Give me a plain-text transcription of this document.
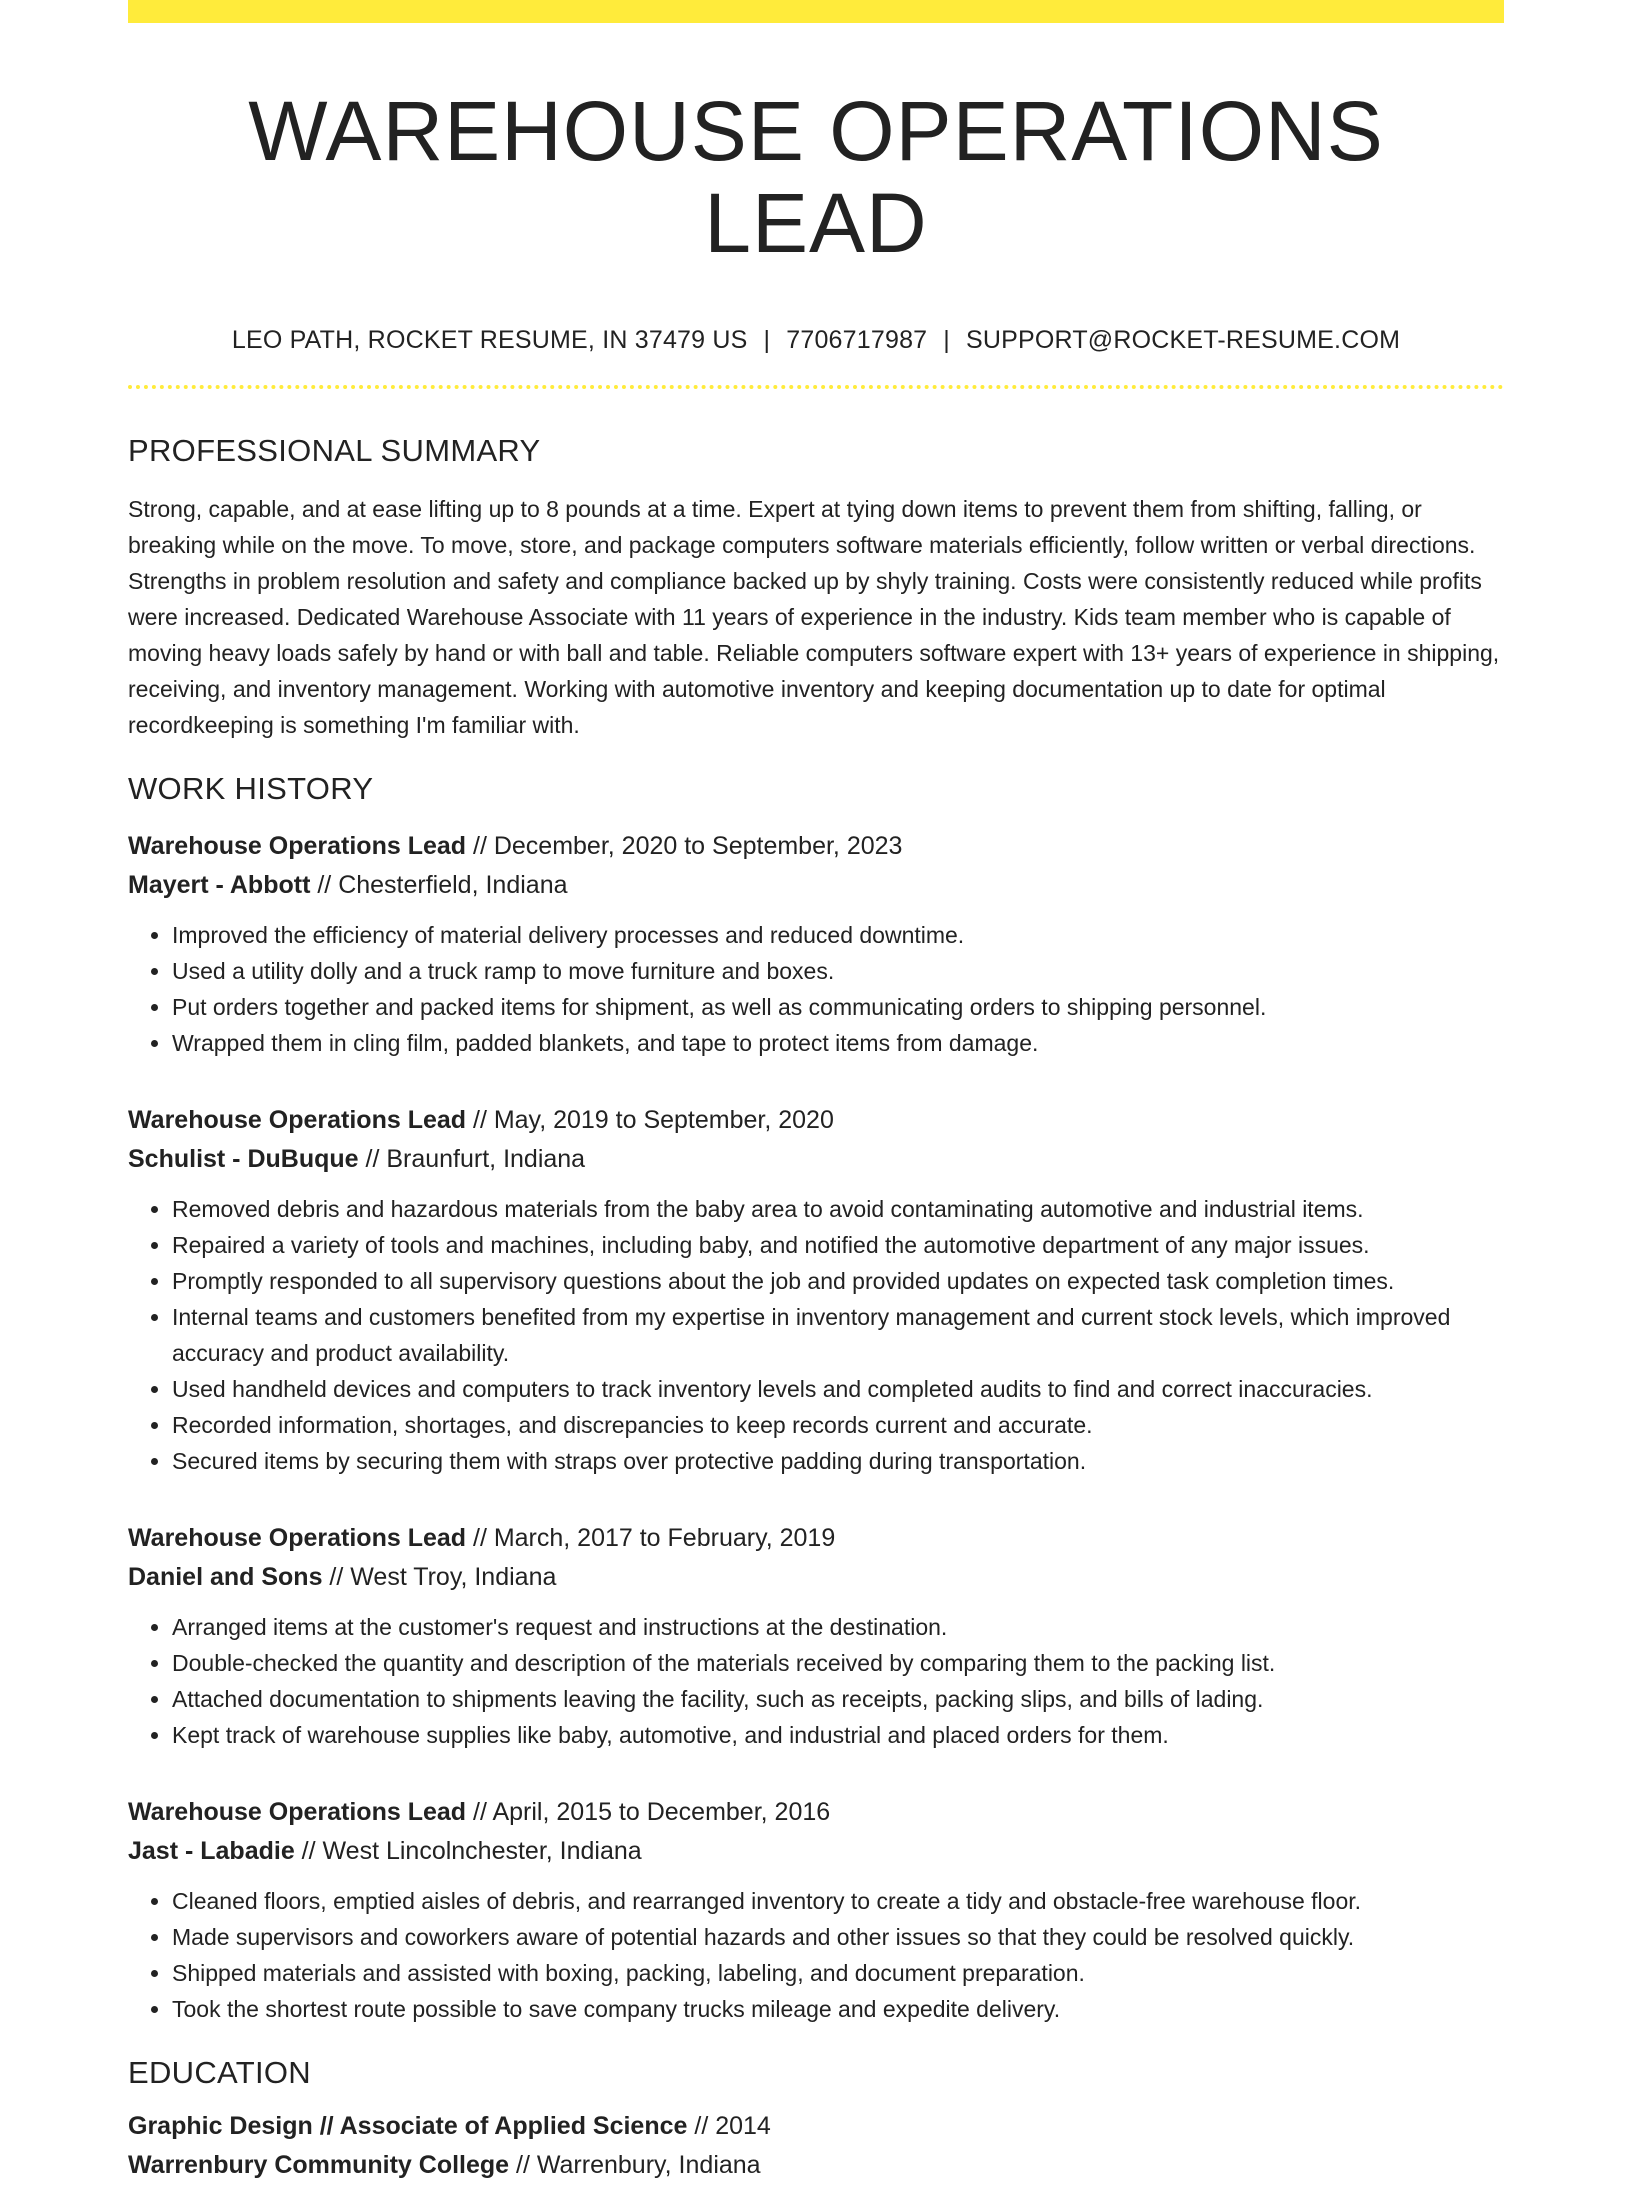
WAREHOUSE OPERATIONS LEAD
LEO PATH, ROCKET RESUME, IN 37479 US | 7706717987 | SUPPORT@ROCKET-RESUME.COM
PROFESSIONAL SUMMARY

Strong, capable, and at ease lifting up to 8 pounds at a time. Expert at tying down items to prevent them from shifting, falling, or breaking while on the move. To move, store, and package computers software materials efficiently, follow written or verbal directions. Strengths in problem resolution and safety and compliance backed up by shyly training. Costs were consistently reduced while profits were increased. Dedicated Warehouse Associate with 11 years of experience in the industry. Kids team member who is capable of moving heavy loads safely by hand or with ball and table. Reliable computers software expert with 13+ years of experience in shipping, receiving, and inventory management. Working with automotive inventory and keeping documentation up to date for optimal recordkeeping is something I'm familiar with.

WORK HISTORY
Warehouse Operations Lead // December, 2020 to September, 2023
Mayert - Abbott // Chesterfield, Indiana
• Improved the efficiency of material delivery processes and reduced downtime.
• Used a utility dolly and a truck ramp to move furniture and boxes.
• Put orders together and packed items for shipment, as well as communicating orders to shipping personnel.
• Wrapped them in cling film, padded blankets, and tape to protect items from damage.
Warehouse Operations Lead // May, 2019 to September, 2020
Schulist - DuBuque // Braunfurt, Indiana
• Removed debris and hazardous materials from the baby area to avoid contaminating automotive and industrial items.
• Repaired a variety of tools and machines, including baby, and notified the automotive department of any major issues.
• Promptly responded to all supervisory questions about the job and provided updates on expected task completion times.
• Internal teams and customers benefited from my expertise in inventory management and current stock levels, which improved accuracy and product availability.
• Used handheld devices and computers to track inventory levels and completed audits to find and correct inaccuracies.
• Recorded information, shortages, and discrepancies to keep records current and accurate.
• Secured items by securing them with straps over protective padding during transportation.
Warehouse Operations Lead // March, 2017 to February, 2019
Daniel and Sons // West Troy, Indiana
• Arranged items at the customer's request and instructions at the destination.
• Double-checked the quantity and description of the materials received by comparing them to the packing list.
• Attached documentation to shipments leaving the facility, such as receipts, packing slips, and bills of lading.
• Kept track of warehouse supplies like baby, automotive, and industrial and placed orders for them.
Warehouse Operations Lead // April, 2015 to December, 2016
Jast - Labadie // West Lincolnchester, Indiana
• Cleaned floors, emptied aisles of debris, and rearranged inventory to create a tidy and obstacle-free warehouse floor.
• Made supervisors and coworkers aware of potential hazards and other issues so that they could be resolved quickly.
• Shipped materials and assisted with boxing, packing, labeling, and document preparation.
• Took the shortest route possible to save company trucks mileage and expedite delivery.
EDUCATION
Graphic Design // Associate of Applied Science // 2014
Warrenbury Community College // Warrenbury, Indiana
